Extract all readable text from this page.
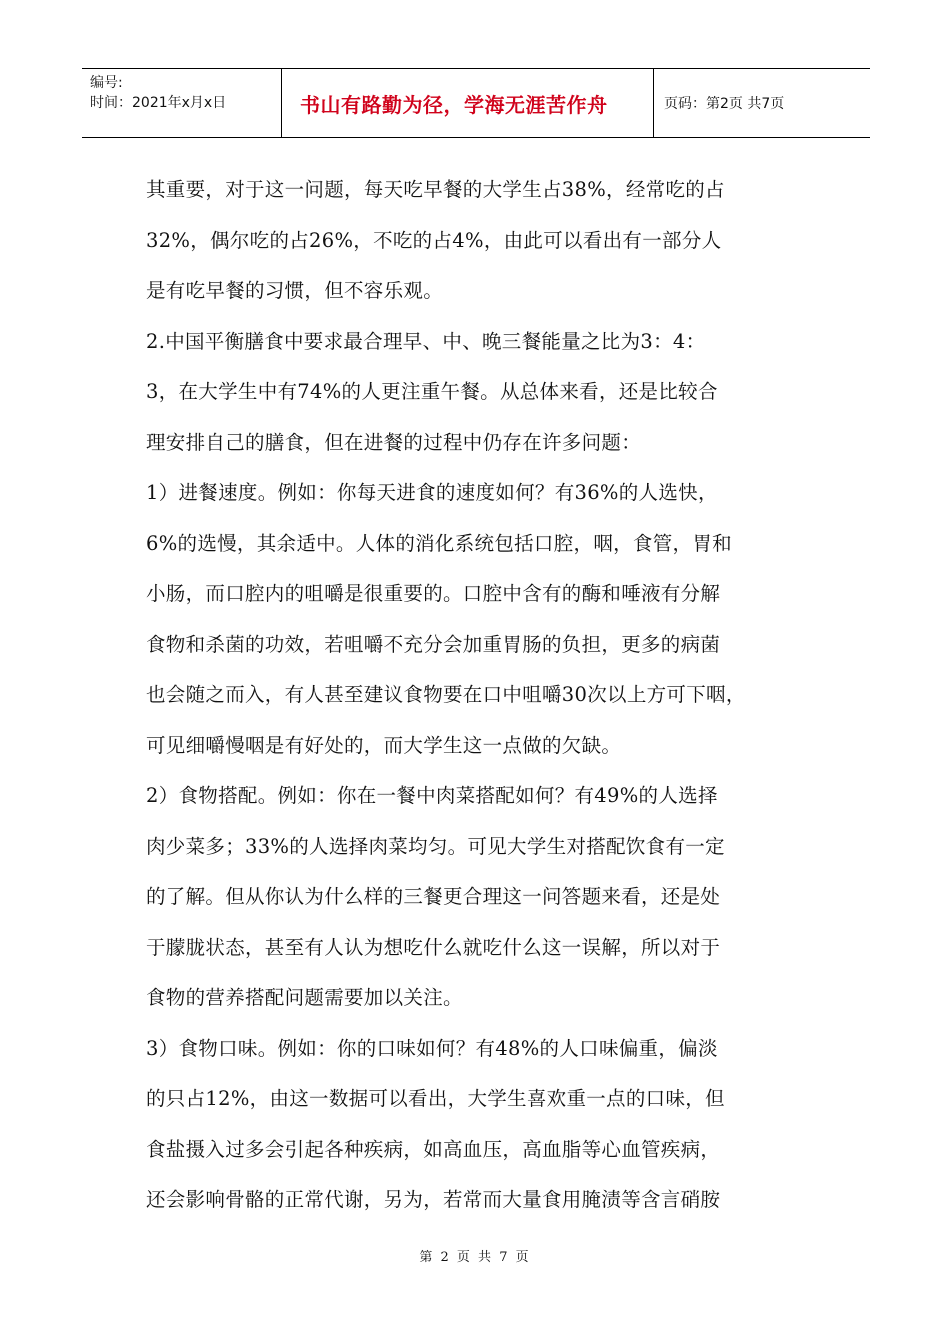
编号:
时间：2021年x月x日	书山有路勤为径，学海无涯苦作舟	页码：第2页 共7页
其重要，对于这一问题，每天吃早餐的大学生占38%，经常吃的占
32%，偶尔吃的占26%，不吃的占4%，由此可以看出有一部分人
是有吃早餐的习惯，但不容乐观。
2.中国平衡膳食中要求最合理早、中、晚三餐能量之比为3：4：
3，在大学生中有74%的人更注重午餐。从总体来看，还是比较合
理安排自己的膳食，但在进餐的过程中仍存在许多问题：
1）进餐速度。例如：你每天进食的速度如何？有36%的人选快，
6%的选慢，其余适中。人体的消化系统包括口腔，咽，食管，胃和
小肠，而口腔内的咀嚼是很重要的。口腔中含有的酶和唾液有分解
食物和杀菌的功效，若咀嚼不充分会加重胃肠的负担，更多的病菌
也会随之而入，有人甚至建议食物要在口中咀嚼30次以上方可下咽，
可见细嚼慢咽是有好处的，而大学生这一点做的欠缺。
2）食物搭配。例如：你在一餐中肉菜搭配如何？有49%的人选择
肉少菜多；33%的人选择肉菜均匀。可见大学生对搭配饮食有一定
的了解。但从你认为什么样的三餐更合理这一问答题来看，还是处
于朦胧状态，甚至有人认为想吃什么就吃什么这一误解，所以对于
食物的营养搭配问题需要加以关注。
3）食物口味。例如：你的口味如何？有48%的人口味偏重，偏淡
的只占12%，由这一数据可以看出，大学生喜欢重一点的口味，但
食盐摄入过多会引起各种疾病，如高血压，高血脂等心血管疾病，
还会影响骨骼的正常代谢，另为，若常而大量食用腌渍等含言硝胺
第 2 页 共 7 页
